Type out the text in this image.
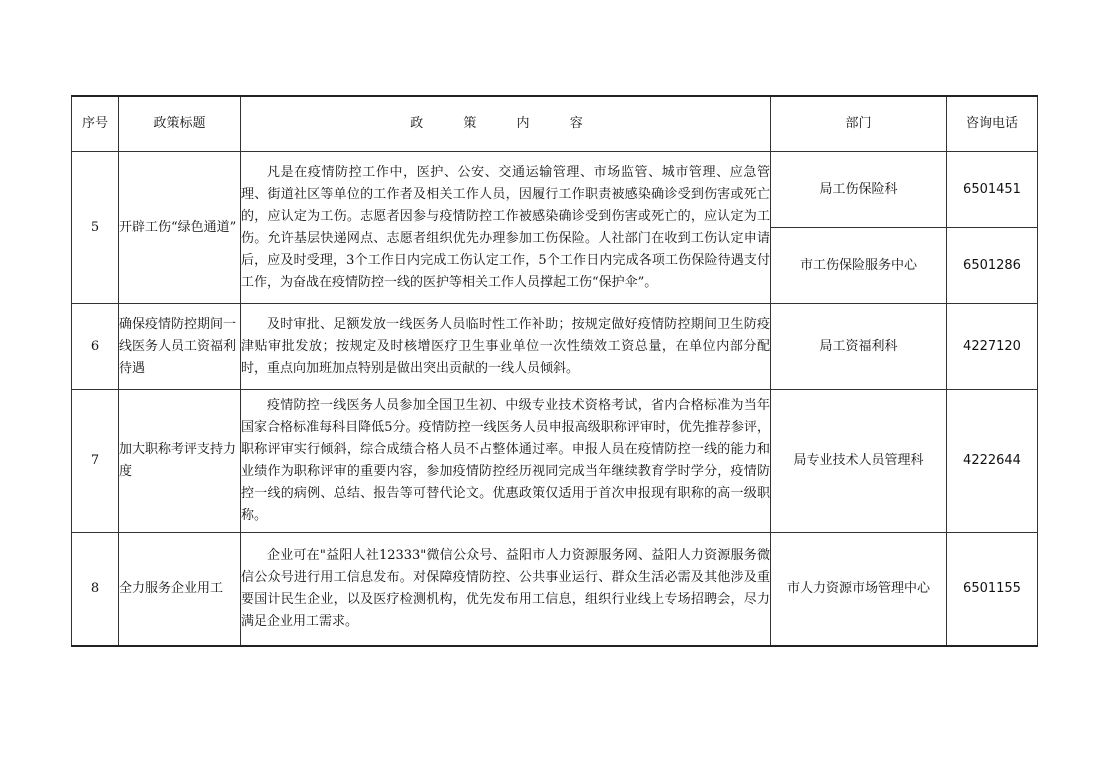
序号	政策标题	政 策 内 容	部门	咨询电话
5	开辟工伤“绿色通道”	凡是在疫情防控工作中，医护、公安、交通运输管理、市场监管、城市管理、应急管理、街道社区等单位的工作者及相关工作人员，因履行工作职责被感染确诊受到伤害或死亡的，应认定为工伤。志愿者因参与疫情防控工作被感染确诊受到伤害或死亡的，应认定为工伤。允许基层快递网点、志愿者组织优先办理参加工伤保险。人社部门在收到工伤认定申请后，应及时受理，3个工作日内完成工伤认定工作，5个工作日内完成各项工伤保险待遇支付工作，为奋战在疫情防控一线的医护等相关工作人员撑起工伤“保护伞”。	局工伤保险科	6501451
			市工伤保险服务中心	6501286
6	确保疫情防控期间一线医务人员工资福利待遇	及时审批、足额发放一线医务人员临时性工作补助；按规定做好疫情防控期间卫生防疫津贴审批发放；按规定及时核增医疗卫生事业单位一次性绩效工资总量，在单位内部分配时，重点向加班加点特别是做出突出贡献的一线人员倾斜。	局工资福利科	4227120
7	加大职称考评支持力度	疫情防控一线医务人员参加全国卫生初、中级专业技术资格考试，省内合格标准为当年国家合格标准每科目降低5分。疫情防控一线医务人员申报高级职称评审时，优先推荐参评，职称评审实行倾斜，综合成绩合格人员不占整体通过率。申报人员在疫情防控一线的能力和业绩作为职称评审的重要内容，参加疫情防控经历视同完成当年继续教育学时学分，疫情防控一线的病例、总结、报告等可替代论文。优惠政策仅适用于首次申报现有职称的高一级职称。	局专业技术人员管理科	4222644
8	全力服务企业用工	企业可在"益阳人社12333"微信公众号、益阳市人力资源服务网、益阳人力资源服务微信公众号进行用工信息发布。对保障疫情防控、公共事业运行、群众生活必需及其他涉及重要国计民生企业，以及医疗检测机构，优先发布用工信息，组织行业线上专场招聘会，尽力满足企业用工需求。	市人力资源市场管理中心	6501155
